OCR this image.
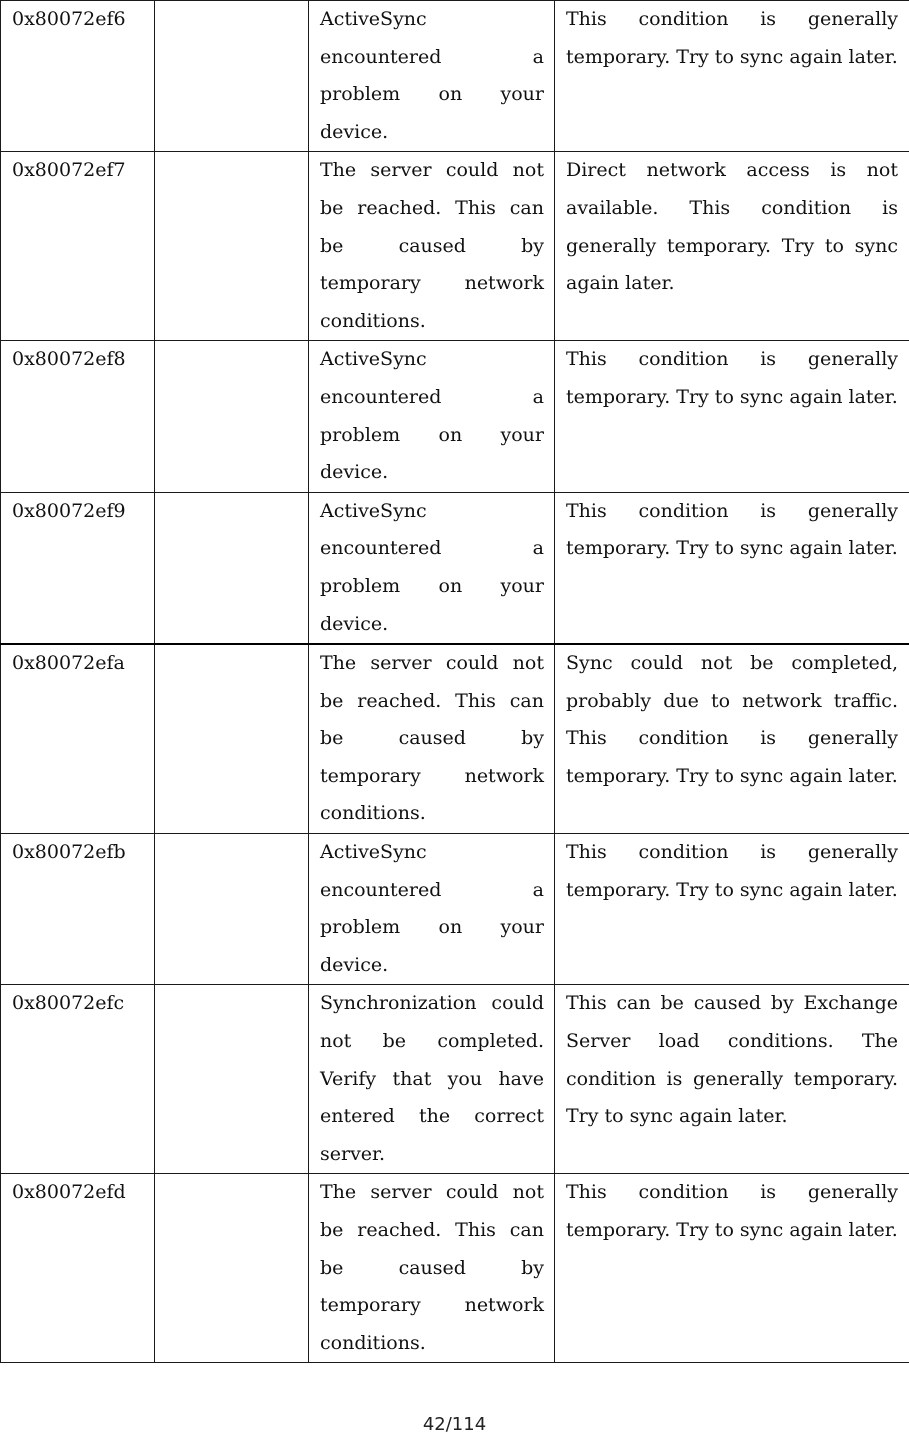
0x80072ef6		ActiveSync encountered a problem on your device.	This condition is generally temporary. Try to sync again later.
0x80072ef7		The server could not be reached. This can be caused by temporary network conditions.	Direct network access is not available. This condition is generally temporary. Try to sync again later.
0x80072ef8		ActiveSync encountered a problem on your device.	This condition is generally temporary. Try to sync again later.
0x80072ef9		ActiveSync encountered a problem on your device.	This condition is generally temporary. Try to sync again later.
0x80072efa		The server could not be reached. This can be caused by temporary network conditions.	Sync could not be completed, probably due to network traffic. This condition is generally temporary. Try to sync again later.
0x80072efb		ActiveSync encountered a problem on your device.	This condition is generally temporary. Try to sync again later.
0x80072efc		Synchronization could not be completed. Verify that you have entered the correct server.	This can be caused by Exchange Server load conditions. The condition is generally temporary. Try to sync again later.
0x80072efd		The server could not be reached. This can be caused by temporary network conditions.	This condition is generally temporary. Try to sync again later.
42/114
